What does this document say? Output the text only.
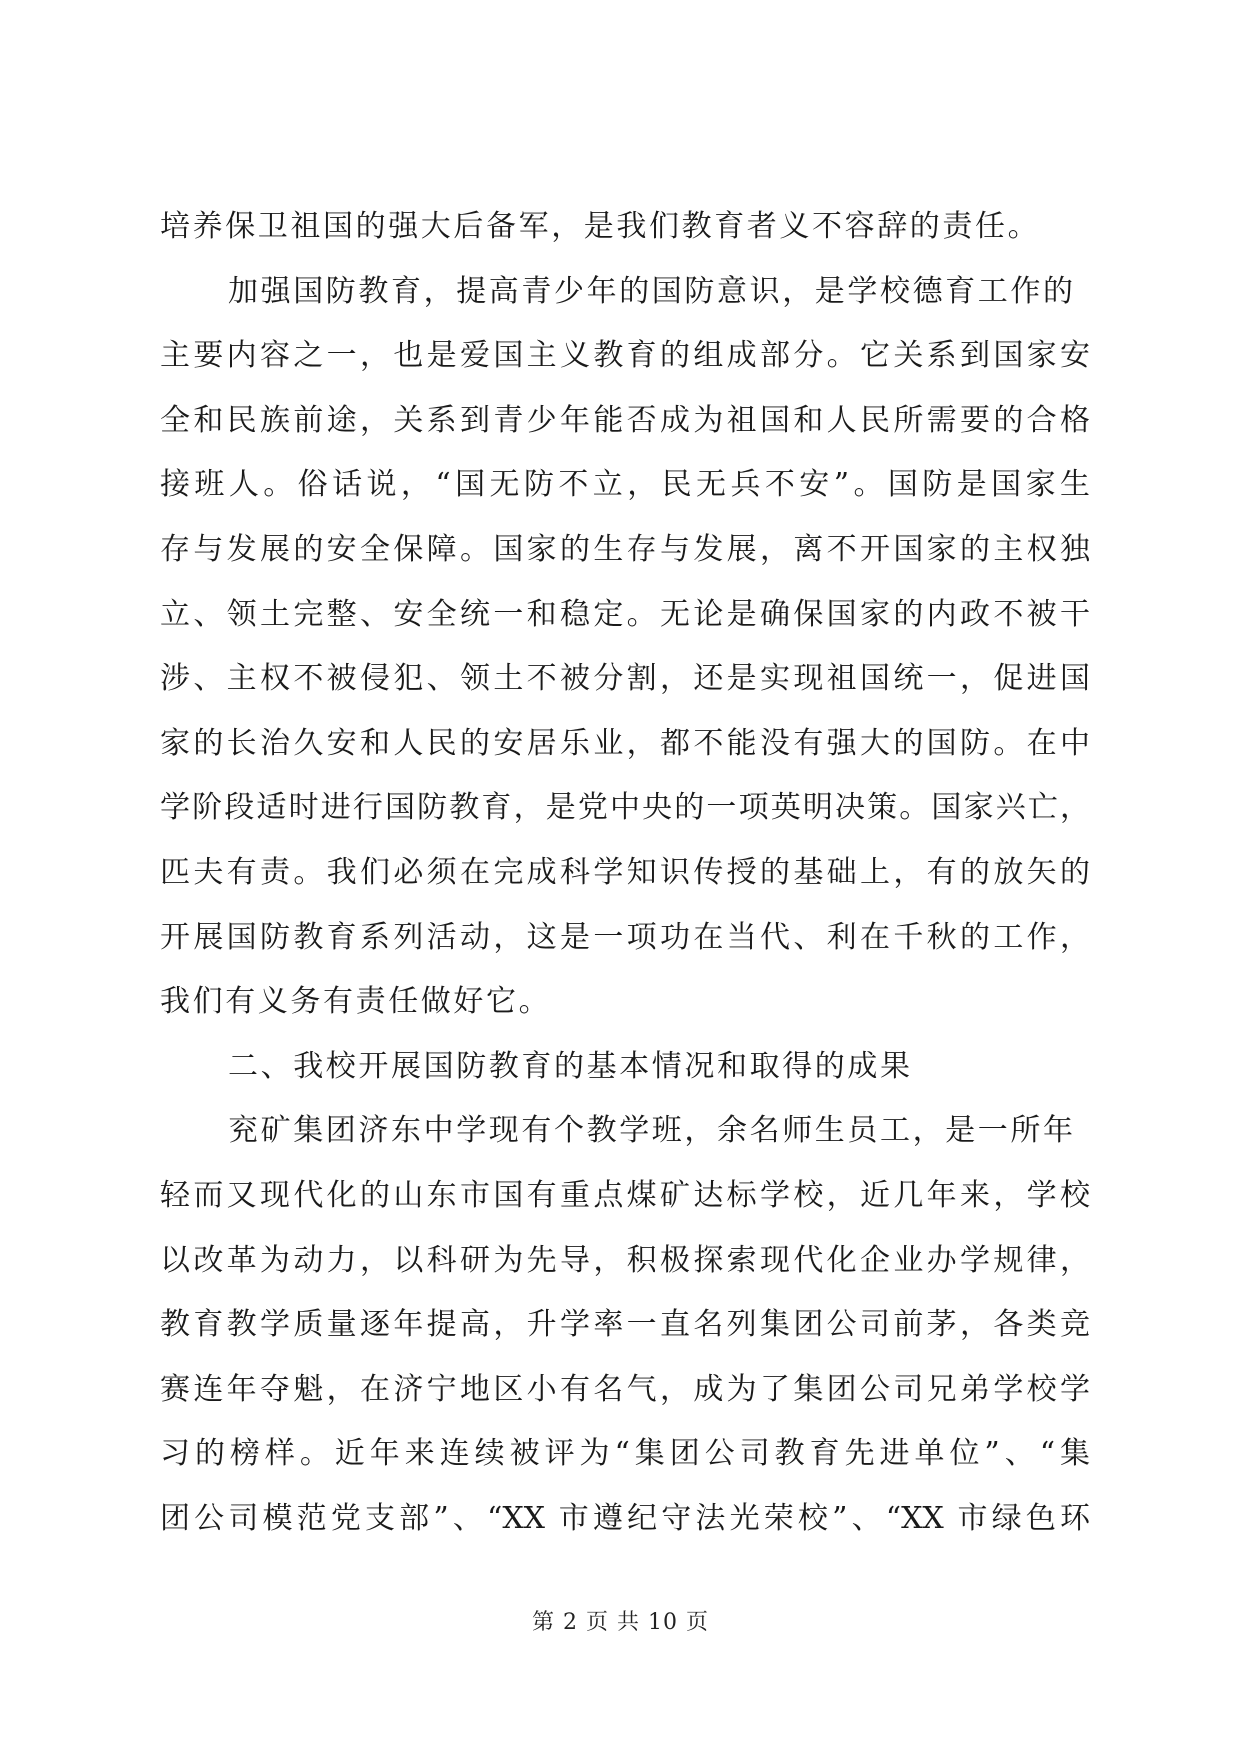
培养保卫祖国的强大后备军，是我们教育者义不容辞的责任。
加强国防教育，提高青少年的国防意识，是学校德育工作的
主要内容之一，也是爱国主义教育的组成部分。它关系到国家安
全和民族前途，关系到青少年能否成为祖国和人民所需要的合格
接班人。俗话说，“国无防不立，民无兵不安”。国防是国家生
存与发展的安全保障。国家的生存与发展，离不开国家的主权独
立、领土完整、安全统一和稳定。无论是确保国家的内政不被干
涉、主权不被侵犯、领土不被分割，还是实现祖国统一，促进国
家的长治久安和人民的安居乐业，都不能没有强大的国防。在中
学阶段适时进行国防教育，是党中央的一项英明决策。国家兴亡，
匹夫有责。我们必须在完成科学知识传授的基础上，有的放矢的
开展国防教育系列活动，这是一项功在当代、利在千秋的工作，
我们有义务有责任做好它。
二、我校开展国防教育的基本情况和取得的成果
兖矿集团济东中学现有个教学班，余名师生员工，是一所年
轻而又现代化的山东市国有重点煤矿达标学校，近几年来，学校
以改革为动力，以科研为先导，积极探索现代化企业办学规律，
教育教学质量逐年提高，升学率一直名列集团公司前茅，各类竞
赛连年夺魁，在济宁地区小有名气，成为了集团公司兄弟学校学
习的榜样。近年来连续被评为“集团公司教育先进单位”、“集
团公司模范党支部”、“XX 市遵纪守法光荣校”、“XX 市绿色环
第 2 页 共 10 页
